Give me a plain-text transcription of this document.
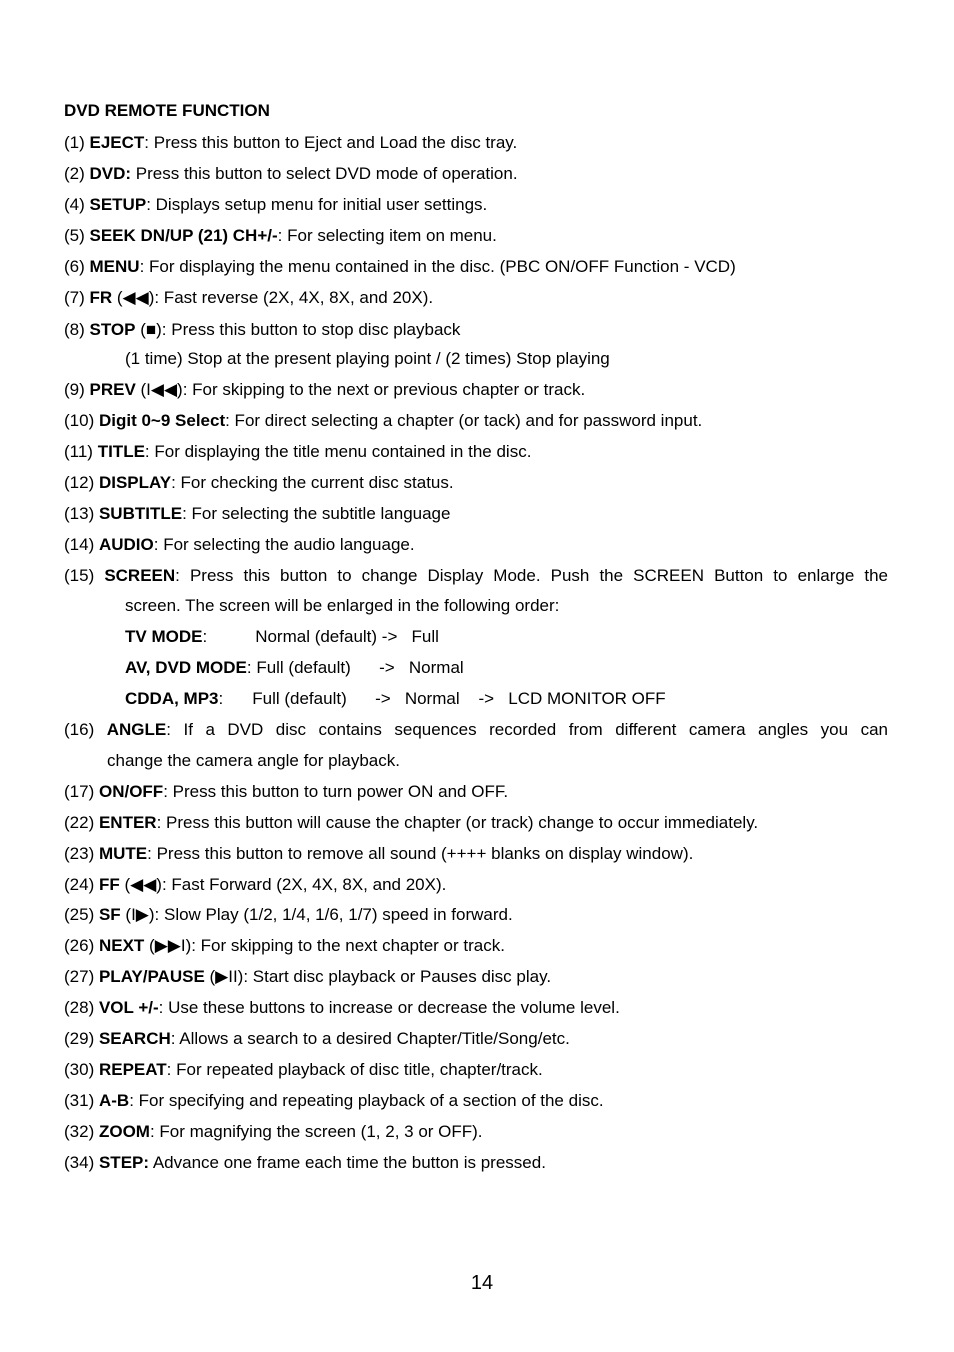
DVD REMOTE FUNCTION
(1) EJECT: Press this button to Eject and Load the disc tray.
(2) DVD: Press this button to select DVD mode of operation.
(4) SETUP: Displays setup menu for initial user settings.
(5) SEEK DN/UP (21) CH+/-: For selecting item on menu.
(6) MENU: For displaying the menu contained in the disc. (PBC ON/OFF Function - VCD)
(7) FR (◀◀): Fast reverse (2X, 4X, 8X, and 20X).
(8) STOP (■): Press this button to stop disc playback
(1 time) Stop at the present playing point / (2 times) Stop playing
(9) PREV (I◀◀): For skipping to the next or previous chapter or track.
(10) Digit 0~9 Select: For direct selecting a chapter (or tack) and for password input.
(11) TITLE: For displaying the title menu contained in the disc.
(12) DISPLAY: For checking the current disc status.
(13) SUBTITLE: For selecting the subtitle language
(14) AUDIO: For selecting the audio language.
(15) SCREEN: Press this button to change Display Mode. Push the SCREEN Button to enlarge the
screen. The screen will be enlarged in the following order:
TV MODE:	Normal (default) ->   Full
AV, DVD MODE: Full (default)      ->   Normal
CDDA, MP3: Full (default)      ->   Normal    ->   LCD MONITOR OFF
(16) ANGLE: If a DVD disc contains sequences recorded from different camera angles you can
change the camera angle for playback.
(17) ON/OFF: Press this button to turn power ON and OFF.
(22) ENTER: Press this button will cause the chapter (or track) change to occur immediately.
(23) MUTE: Press this button to remove all sound (++++ blanks on display window).
(24) FF (◀◀): Fast Forward (2X, 4X, 8X, and 20X).
(25) SF (I▶): Slow Play (1/2, 1/4, 1/6, 1/7) speed in forward.
(26) NEXT (▶▶I): For skipping to the next chapter or track.
(27) PLAY/PAUSE (▶II): Start disc playback or Pauses disc play.
(28) VOL +/-: Use these buttons to increase or decrease the volume level.
(29) SEARCH: Allows a search to a desired Chapter/Title/Song/etc.
(30) REPEAT: For repeated playback of disc title, chapter/track.
(31) A-B: For specifying and repeating playback of a section of the disc.
(32) ZOOM: For magnifying the screen (1, 2, 3 or OFF).
(34) STEP: Advance one frame each time the button is pressed.
14
